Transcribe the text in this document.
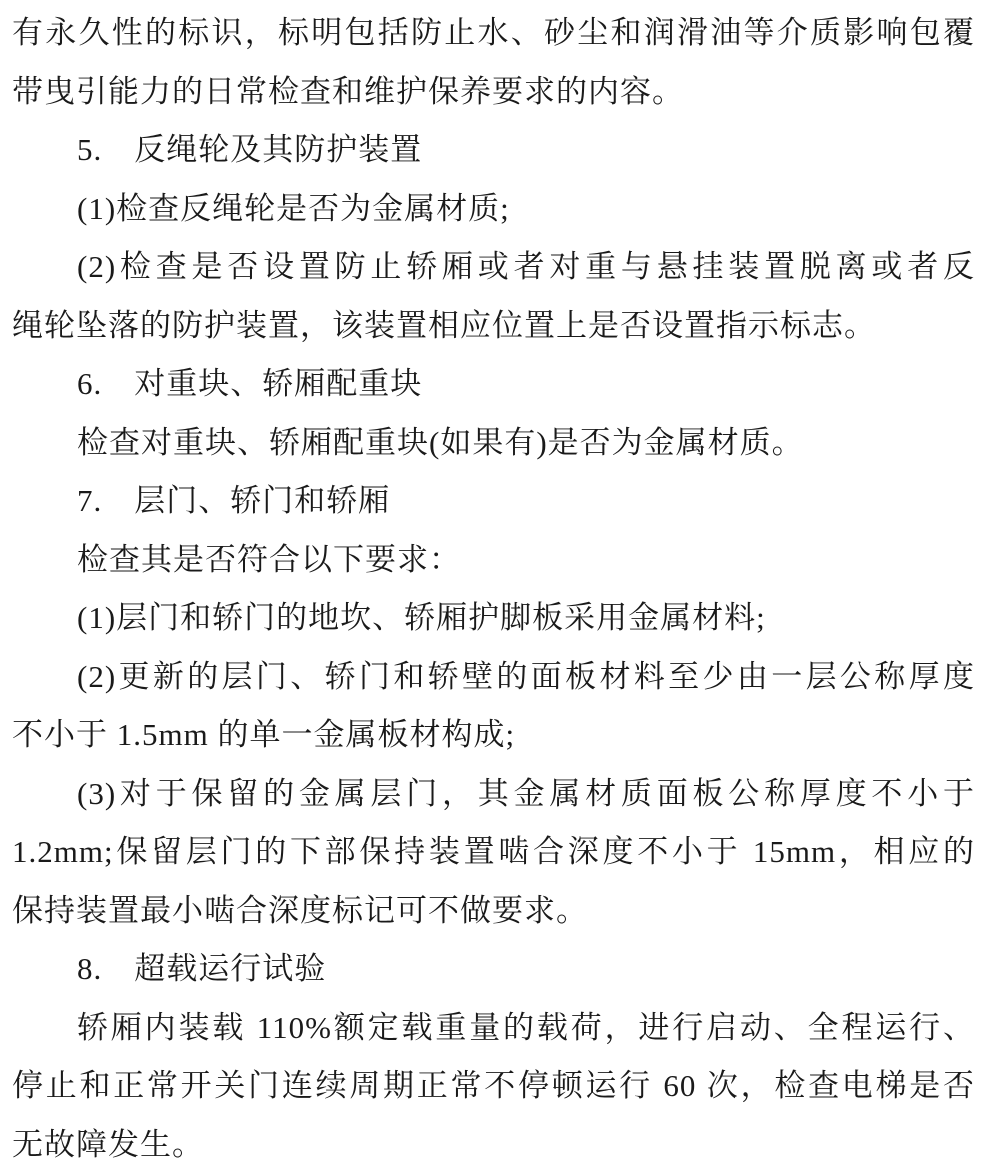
有永久性的标识，标明包括防止水、砂尘和润滑油等介质影响包覆
带曳引能力的日常检查和维护保养要求的内容。
5. 反绳轮及其防护装置
(1)检查反绳轮是否为金属材质;
(2)检查是否设置防止轿厢或者对重与悬挂装置脱离或者反
绳轮坠落的防护装置，该装置相应位置上是否设置指示标志。
6. 对重块、轿厢配重块
检查对重块、轿厢配重块(如果有)是否为金属材质。
7. 层门、轿门和轿厢
检查其是否符合以下要求：
(1)层门和轿门的地坎、轿厢护脚板采用金属材料;
(2)更新的层门、轿门和轿壁的面板材料至少由一层公称厚度
不小于 1.5mm 的单一金属板材构成;
(3)对于保留的金属层门，其金属材质面板公称厚度不小于
1.2mm;保留层门的下部保持装置啮合深度不小于 15mm，相应的
保持装置最小啮合深度标记可不做要求。
8. 超载运行试验
轿厢内装载 110%额定载重量的载荷，进行启动、全程运行、
停止和正常开关门连续周期正常不停顿运行 60 次，检查电梯是否
无故障发生。
